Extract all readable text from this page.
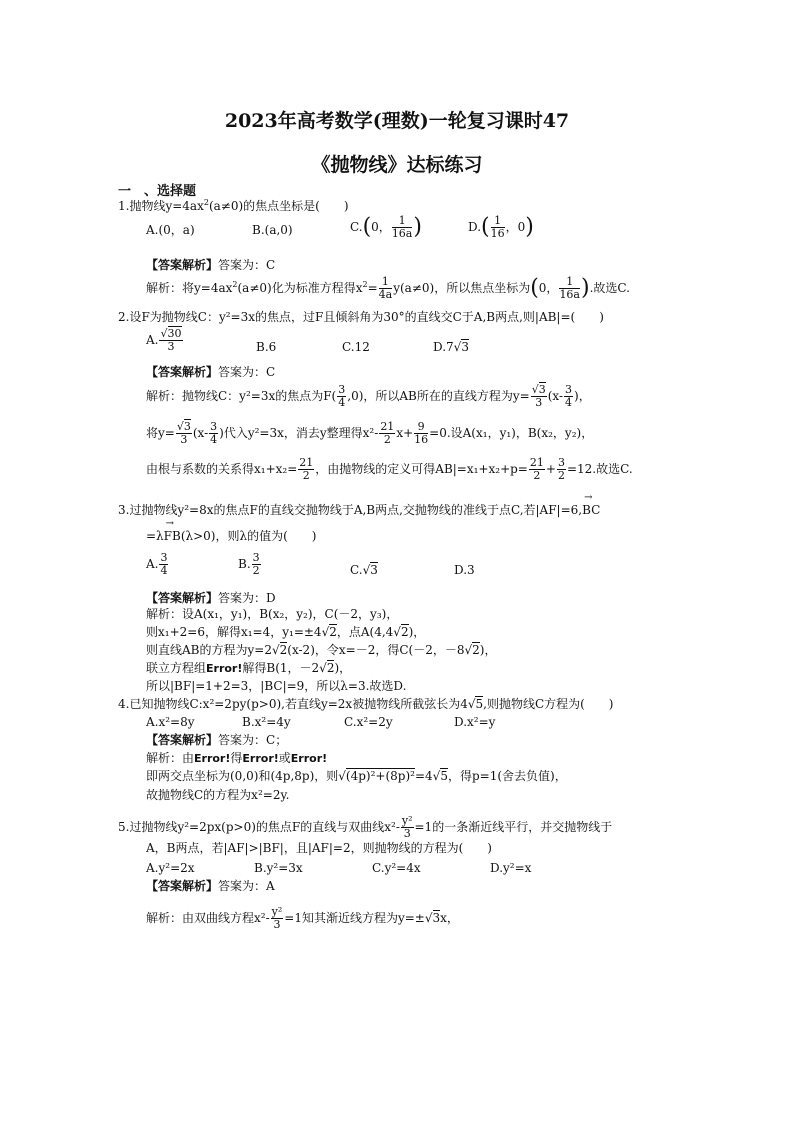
2023年高考数学(理数)一轮复习课时47
《抛物线》达标练习
一　、选择题
1.抛物线$y=4ax^2(a\ne 0)$的焦点坐标是(　　)
A.(0，a)	B.(a,0)	C.(0， $\frac{1}{16a}$ )	$D.( \frac{1}{16}$ ，0)
【答案解析】答案为：C
解析：将$y=4ax^2(a\ne 0)$化为标准方程得$x^2= \frac{1}{4a} y(a\ne 0)$，所以焦点坐标为(0， $\frac{1}{16a}$ ).故选C.
2.设F为抛物线C：y²=3x的焦点，过F且倾斜角为30°的直线交C于A,B两点,则|AB|=(　　)
A. $\frac{√30}{3}$	B.6	C.12	D.7√3
【答案解析】答案为：C
解析：抛物线C：y²=3x的焦点为$F( \frac{3}{4} ,0)$，所以AB所在的直线方程为$y= \frac{√3}{3} (x- \frac{3}{4}$ )，
将$y= \frac{√3}{3} (x- \frac{3}{4}$ )代入y²=3x，消去y整理得$x^2- \frac{21}{2} x+ \frac{9}{16} =0$.设A(x₁，y₁)，B(x₂，y₂)，
由根与系数的关系得$x_1+x_2= \frac{21}{2}$ ，由抛物线的定义可得$AB|=x_1+x_2+p= \frac{21}{2} + \frac{3}{2} =12$.故选C.
3.过抛物线y²=8x的焦点F的直线交抛物线于A,B两点,交抛物线的准线于点C,若|AF|=6,→ BC
=λ→ FB(λ>0)，则λ的值为(　　)
A. $\frac{3}{4}$	B. $\frac{3}{2}$	C.√3	D.3
【答案解析】答案为：D
解析：设A(x₁，y₁)，B(x₂，y₂)，C(－2，y₃)，
则x₁+2=6，解得x₁=4，y₁=±4√2，点A(4,4√2)，
则直线AB的方程为y=2√2(x-2)，令x=－2，得C(－2，－8√2)，
联立方程组Error!解得B(1，－2√2)，
所以|BF|=1+2=3，|BC|=9，所以λ=3.故选D.
4.已知抛物线C:x²=2py(p>0),若直线y=2x被抛物线所截弦长为4√5,则抛物线C方程为(　　)
A.x²=8y	B.x²=4y	C.x²=2y	D.x²=y
【答案解析】答案为：C；
解析：由Error!得Error!或Error!
即两交点坐标为(0,0)和(4p,8p)，则√(4p)²+(8p)²=4√5，得p=1(舍去负值)，
故抛物线C的方程为x²=2y.
5.过抛物线y²=2px(p>0)的焦点F的直线与双曲线$x^2- \frac{\text{y²}}{3} =1$的一条渐近线平行，并交抛物线于
A，B两点，若|AF|>|BF|，且|AF|=2，则抛物线的方程为(　　)
A.y²=2x	B.y²=3x	C.y²=4x	D.y²=x
【答案解析】答案为：A
解析：由双曲线方程$x^2- \frac{\text{y²}}{3} =1$知其渐近线方程为y=±√3x，
